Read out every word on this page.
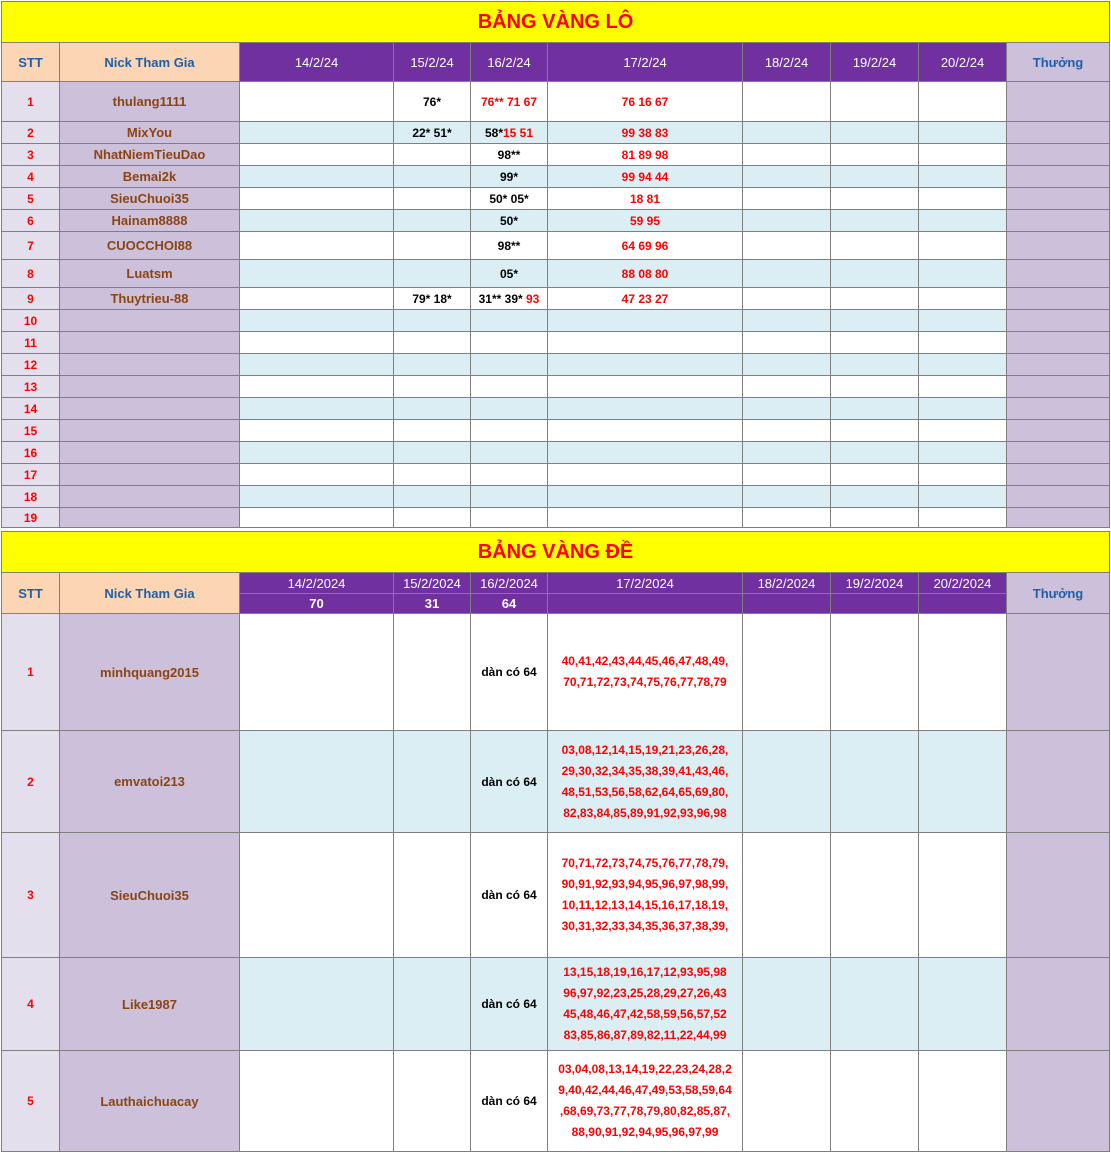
BẢNG VÀNG LÔ									
STT	Nick Tham Gia	14/2/24	15/2/24	16/2/24	17/2/24	18/2/24	19/2/24	20/2/24	Thưởng
1	thulang1111		76*	76** 71 67	76 16 67				
2	MixYou		22* 51*	58*15 51	99 38 83				
3	NhatNiemTieuDao			98**	81 89 98				
4	Bemai2k			99*	99 94 44				
5	SieuChuoi35			50* 05*	18 81				
6	Hainam8888			50*	59 95				
7	CUOCCHOI88			98**	64 69 96				
8	Luatsm			05*	88 08 80				
9	Thuytrieu-88		79* 18*	31** 39* 93	47 23 27				
10									
11									
12									
13									
14									
15									
16									
17									
18									
19									
BẢNG VÀNG ĐỀ									
STT	Nick Tham Gia	14/2/2024	15/2/2024	16/2/2024	17/2/2024	18/2/2024	19/2/2024	20/2/2024	Thưởng
		70	31	64					
1	minhquang2015			dàn có 64	40,41,42,43,44,45,46,47,48,49,
70,71,72,73,74,75,76,77,78,79				
2	emvatoi213			dàn có 64	03,08,12,14,15,19,21,23,26,28,
29,30,32,34,35,38,39,41,43,46,
48,51,53,56,58,62,64,65,69,80,
82,83,84,85,89,91,92,93,96,98				
3	SieuChuoi35			dàn có 64	70,71,72,73,74,75,76,77,78,79,
90,91,92,93,94,95,96,97,98,99,
10,11,12,13,14,15,16,17,18,19,
30,31,32,33,34,35,36,37,38,39,				
4	Like1987			dàn có 64	13,15,18,19,16,17,12,93,95,98
96,97,92,23,25,28,29,27,26,43
45,48,46,47,42,58,59,56,57,52
83,85,86,87,89,82,11,22,44,99				
5	Lauthaichuacay			dàn có 64	03,04,08,13,14,19,22,23,24,28,2
9,40,42,44,46,47,49,53,58,59,64
,68,69,73,77,78,79,80,82,85,87,
88,90,91,92,94,95,96,97,99				
